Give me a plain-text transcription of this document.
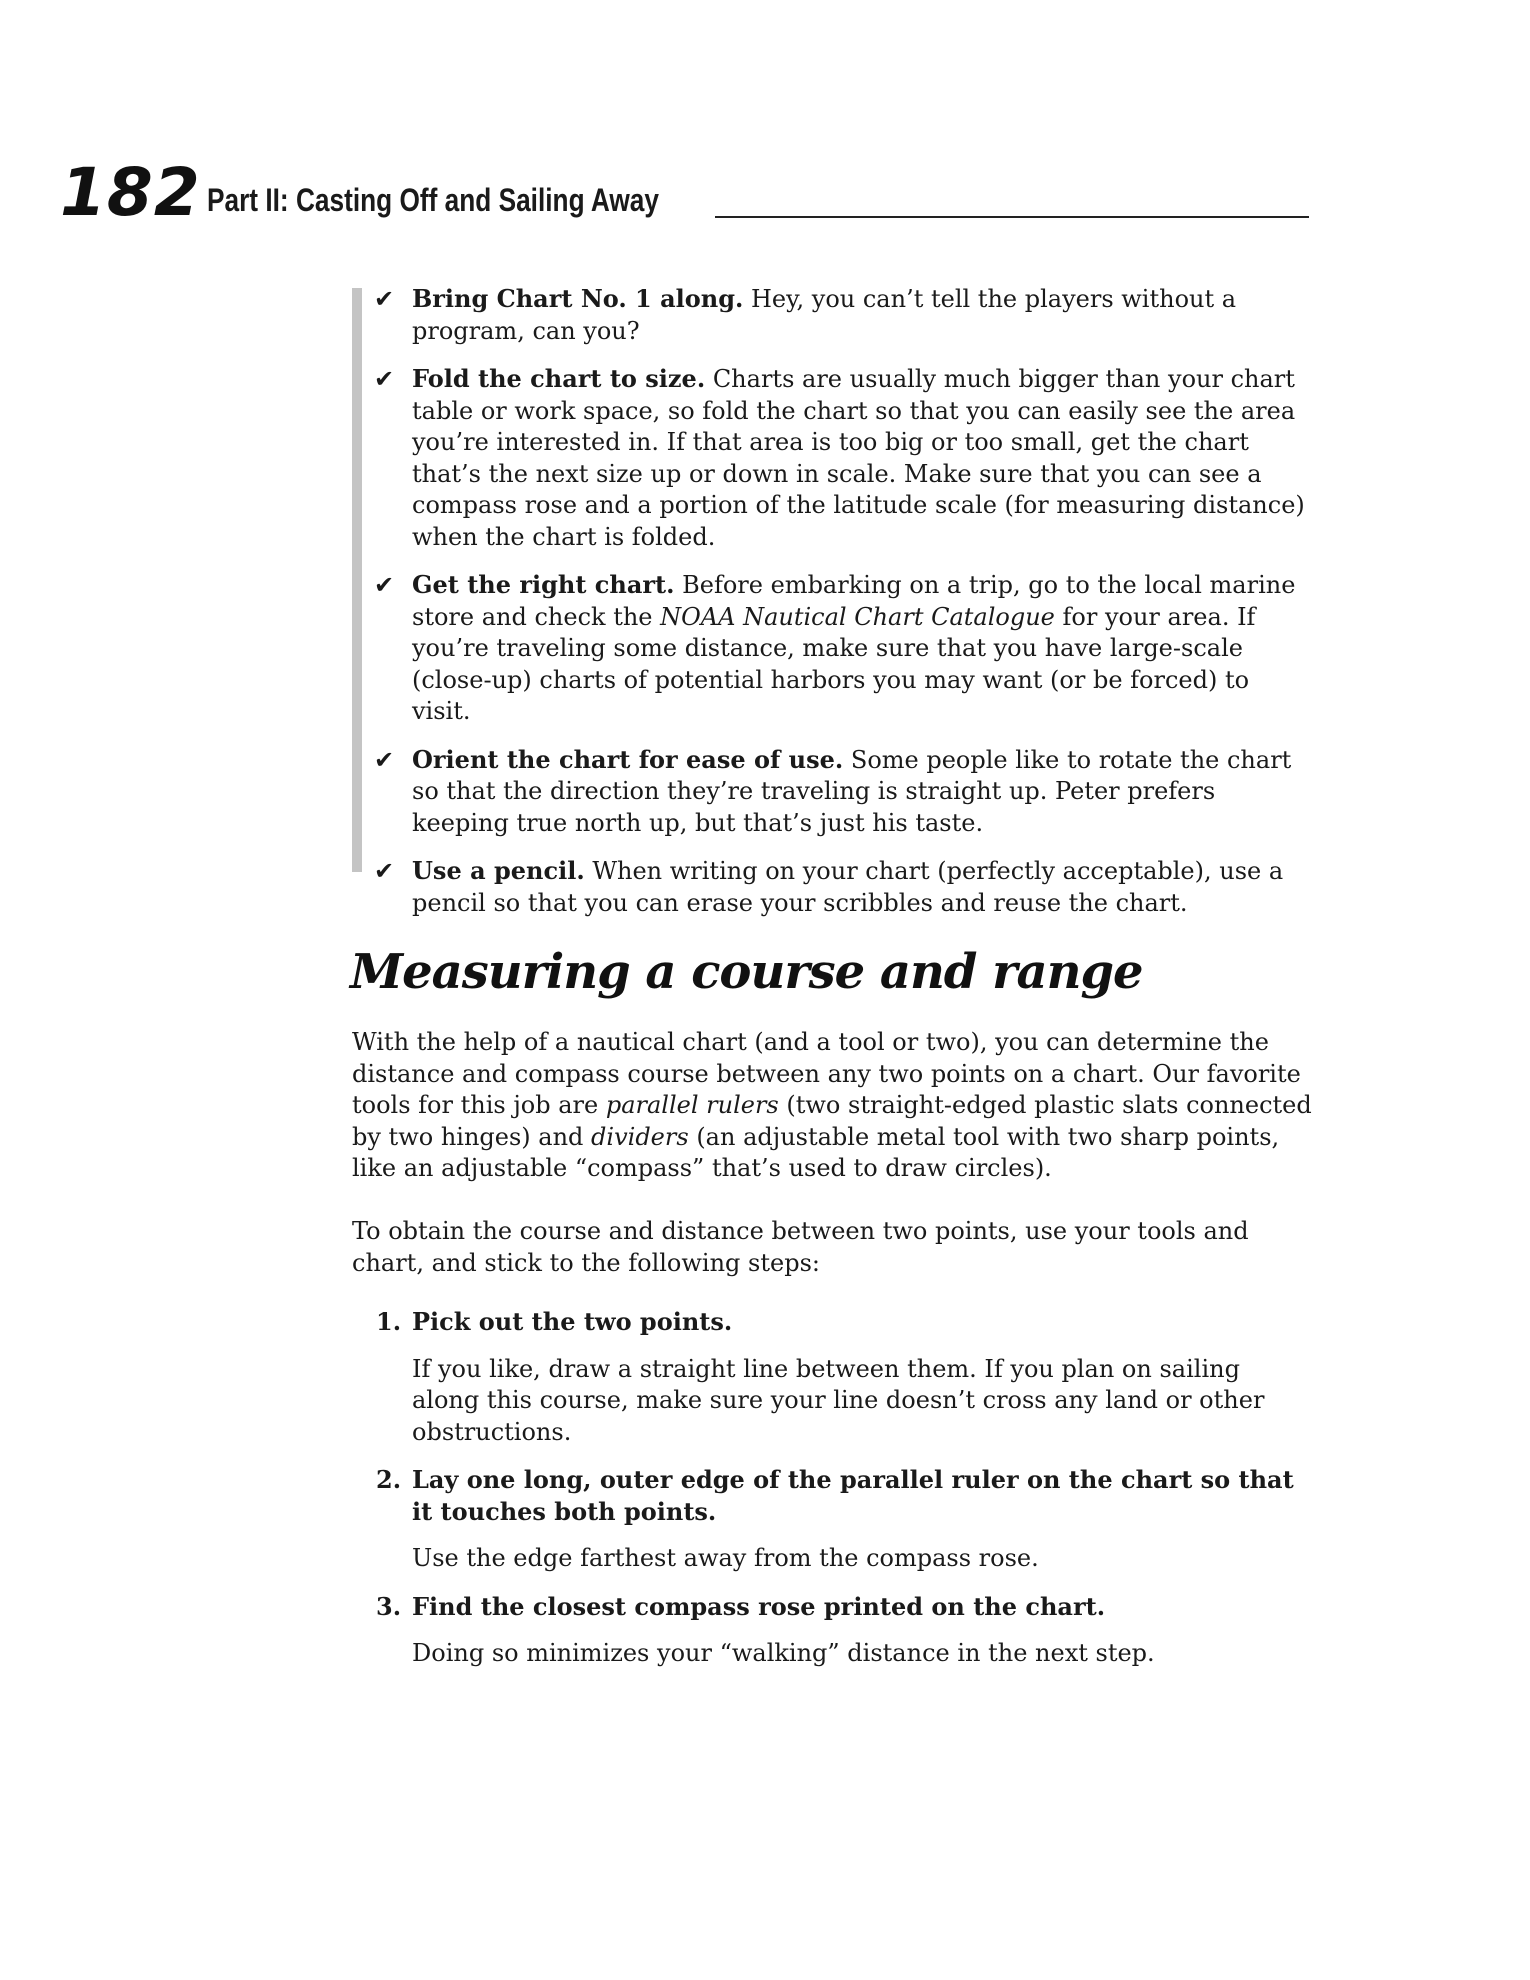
182 Part II: Casting Off and Sailing Away
✔ Bring Chart No. 1 along. Hey, you can’t tell the players without a program, can you?
✔ Fold the chart to size. Charts are usually much bigger than your chart table or work space, so fold the chart so that you can easily see the area you’re interested in. If that area is too big or too small, get the chart that’s the next size up or down in scale. Make sure that you can see a compass rose and a portion of the latitude scale (for measuring distance) when the chart is folded.
✔ Get the right chart. Before embarking on a trip, go to the local marine store and check the NOAA Nautical Chart Catalogue for your area. If you’re traveling some distance, make sure that you have large-scale (close-up) charts of potential harbors you may want (or be forced) to visit.
✔ Orient the chart for ease of use. Some people like to rotate the chart so that the direction they’re traveling is straight up. Peter prefers keeping true north up, but that’s just his taste.
✔ Use a pencil. When writing on your chart (perfectly acceptable), use a pencil so that you can erase your scribbles and reuse the chart.
Measuring a course and range

With the help of a nautical chart (and a tool or two), you can determine the distance and compass course between any two points on a chart. Our favorite tools for this job are parallel rulers (two straight-edged plastic slats connected by two hinges) and dividers (an adjustable metal tool with two sharp points, like an adjustable “compass” that’s used to draw circles).

To obtain the course and distance between two points, use your tools and chart, and stick to the following steps:

1. Pick out the two points.

If you like, draw a straight line between them. If you plan on sailing along this course, make sure your line doesn’t cross any land or other obstructions.

2. Lay one long, outer edge of the parallel ruler on the chart so that it touches both points.

Use the edge farthest away from the compass rose.

3. Find the closest compass rose printed on the chart.

Doing so minimizes your “walking” distance in the next step.
